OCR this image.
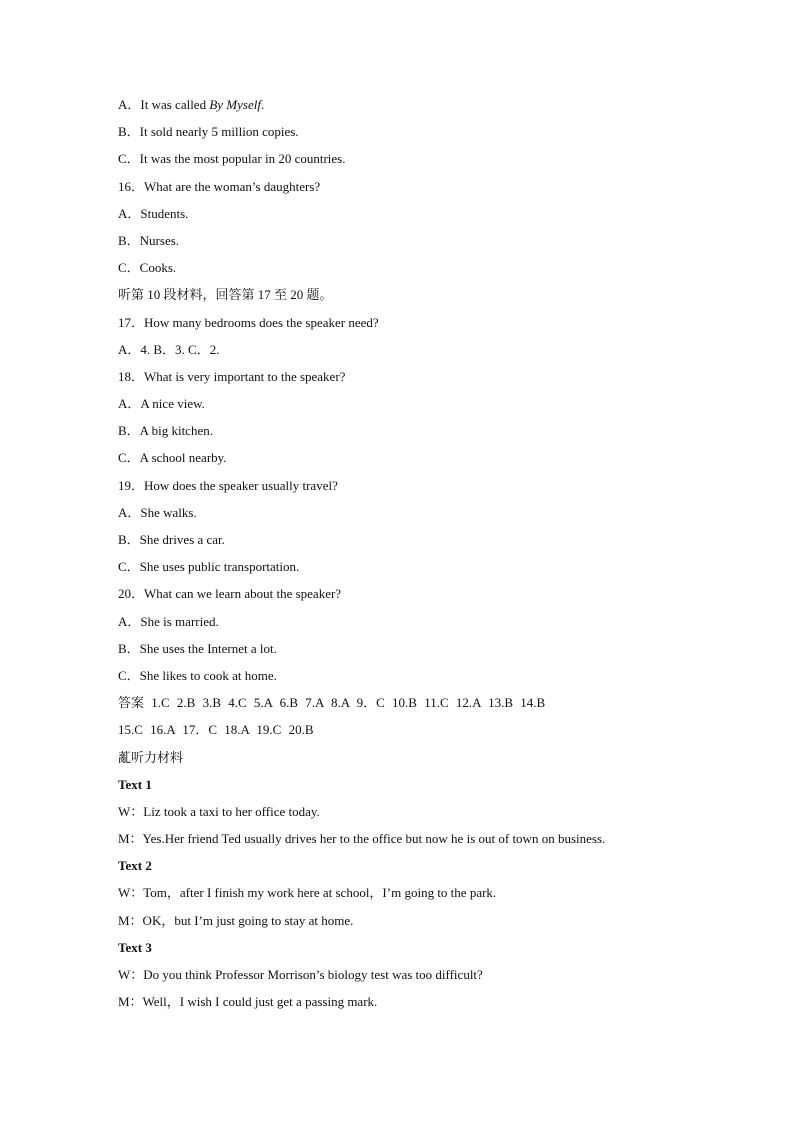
A．It was called By Myself.
B．It sold nearly 5 million copies.
C．It was the most popular in 20 countries.
16．What are the woman’s daughters?
A．Students.
B．Nurses.
C．Cooks.
听第 10 段材料，回答第 17 至 20 题。
17．How many bedrooms does the speaker need?
A．4. B．3. C．2.
18．What is very important to the speaker?
A．A nice view.
B．A big kitchen.
C．A school nearby.
19．How does the speaker usually travel?
A．She walks.
B．She drives a car.
C．She uses public transportation.
20．What can we learn about the speaker?
A．She is married.
B．She uses the Internet a lot.
C．She likes to cook at home.
答案 1.C 2.B 3.B 4.C 5.A 6.B 7.A 8.A 9．C 10.B 11.C 12.A 13.B 14.B
15.C 16.A 17．C 18.A 19.C 20.B
薍听力材料
Text 1
W：Liz took a taxi to her office today.
M：Yes.Her friend Ted usually drives her to the office but now he is out of town on business.
Text 2
W：Tom，after I finish my work here at school，I’m going to the park.
M：OK，but I’m just going to stay at home.
Text 3
W：Do you think Professor Morrison’s biology test was too difficult?
M：Well，I wish I could just get a passing mark.
